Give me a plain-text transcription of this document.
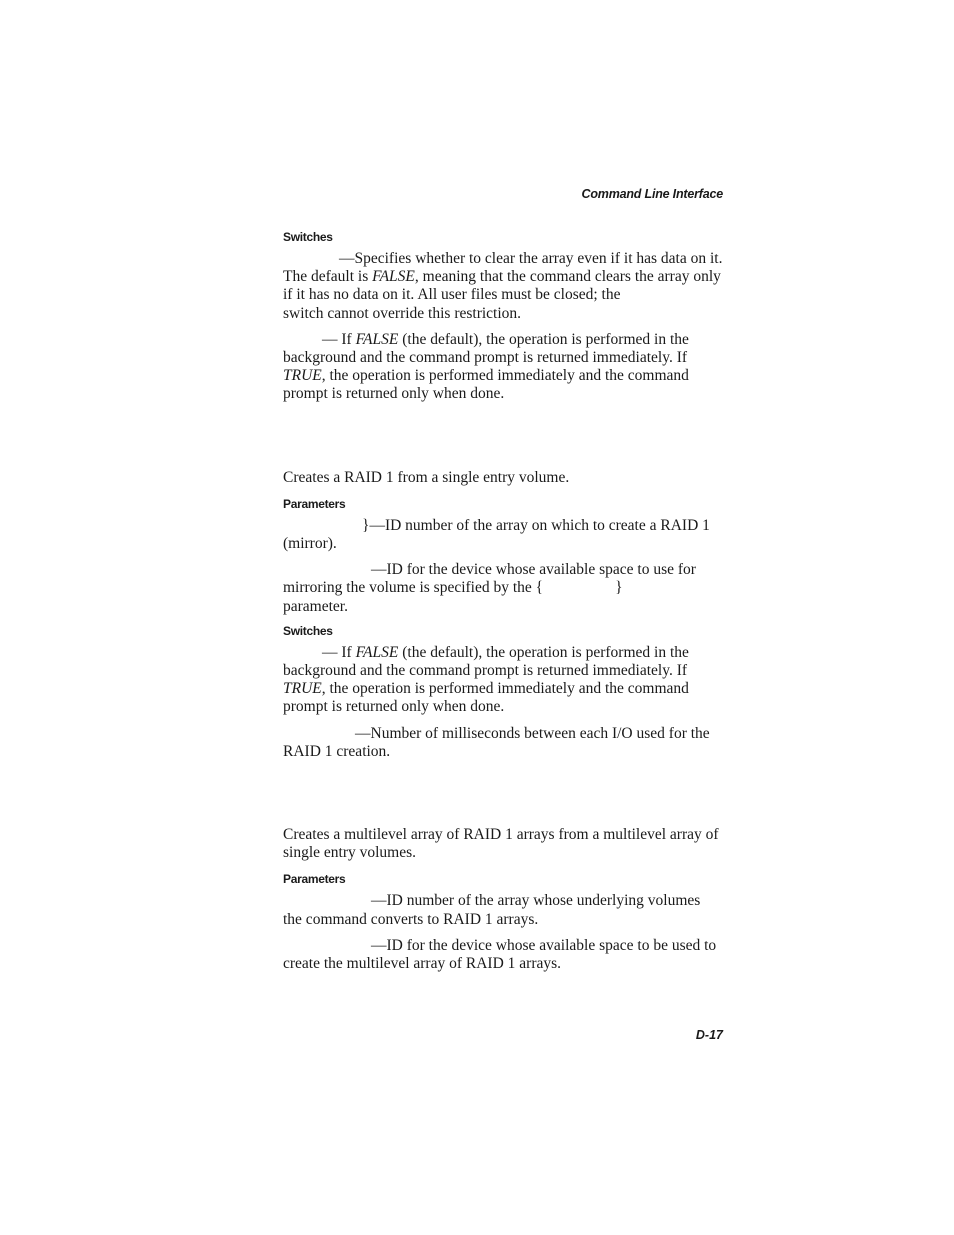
Command Line Interface
Switches

—Specifies whether to clear the array even if it has data on it. The default is FALSE, meaning that the command clears the array only if it has no data on it. All user files must be closed; the  switch cannot override this restriction.

— If FALSE (the default), the operation is performed in the background and the command prompt is returned immediately. If TRUE, the operation is performed immediately and the command prompt is returned only when done.

Creates a RAID 1 from a single entry volume.

Parameters

}—ID number of the array on which to create a RAID 1 (mirror).

—ID for the device whose available space to use for mirroring the volume is specified by the {	}
parameter.

Switches

— If FALSE (the default), the operation is performed in the background and the command prompt is returned immediately. If TRUE, the operation is performed immediately and the command prompt is returned only when done.

—Number of milliseconds between each I/O used for the RAID 1 creation.

Creates a multilevel array of RAID 1 arrays from a multilevel array of single entry volumes.

Parameters

—ID number of the array whose underlying volumes the command converts to RAID 1 arrays.

—ID for the device whose available space to be used to create the multilevel array of RAID 1 arrays.

D-17
